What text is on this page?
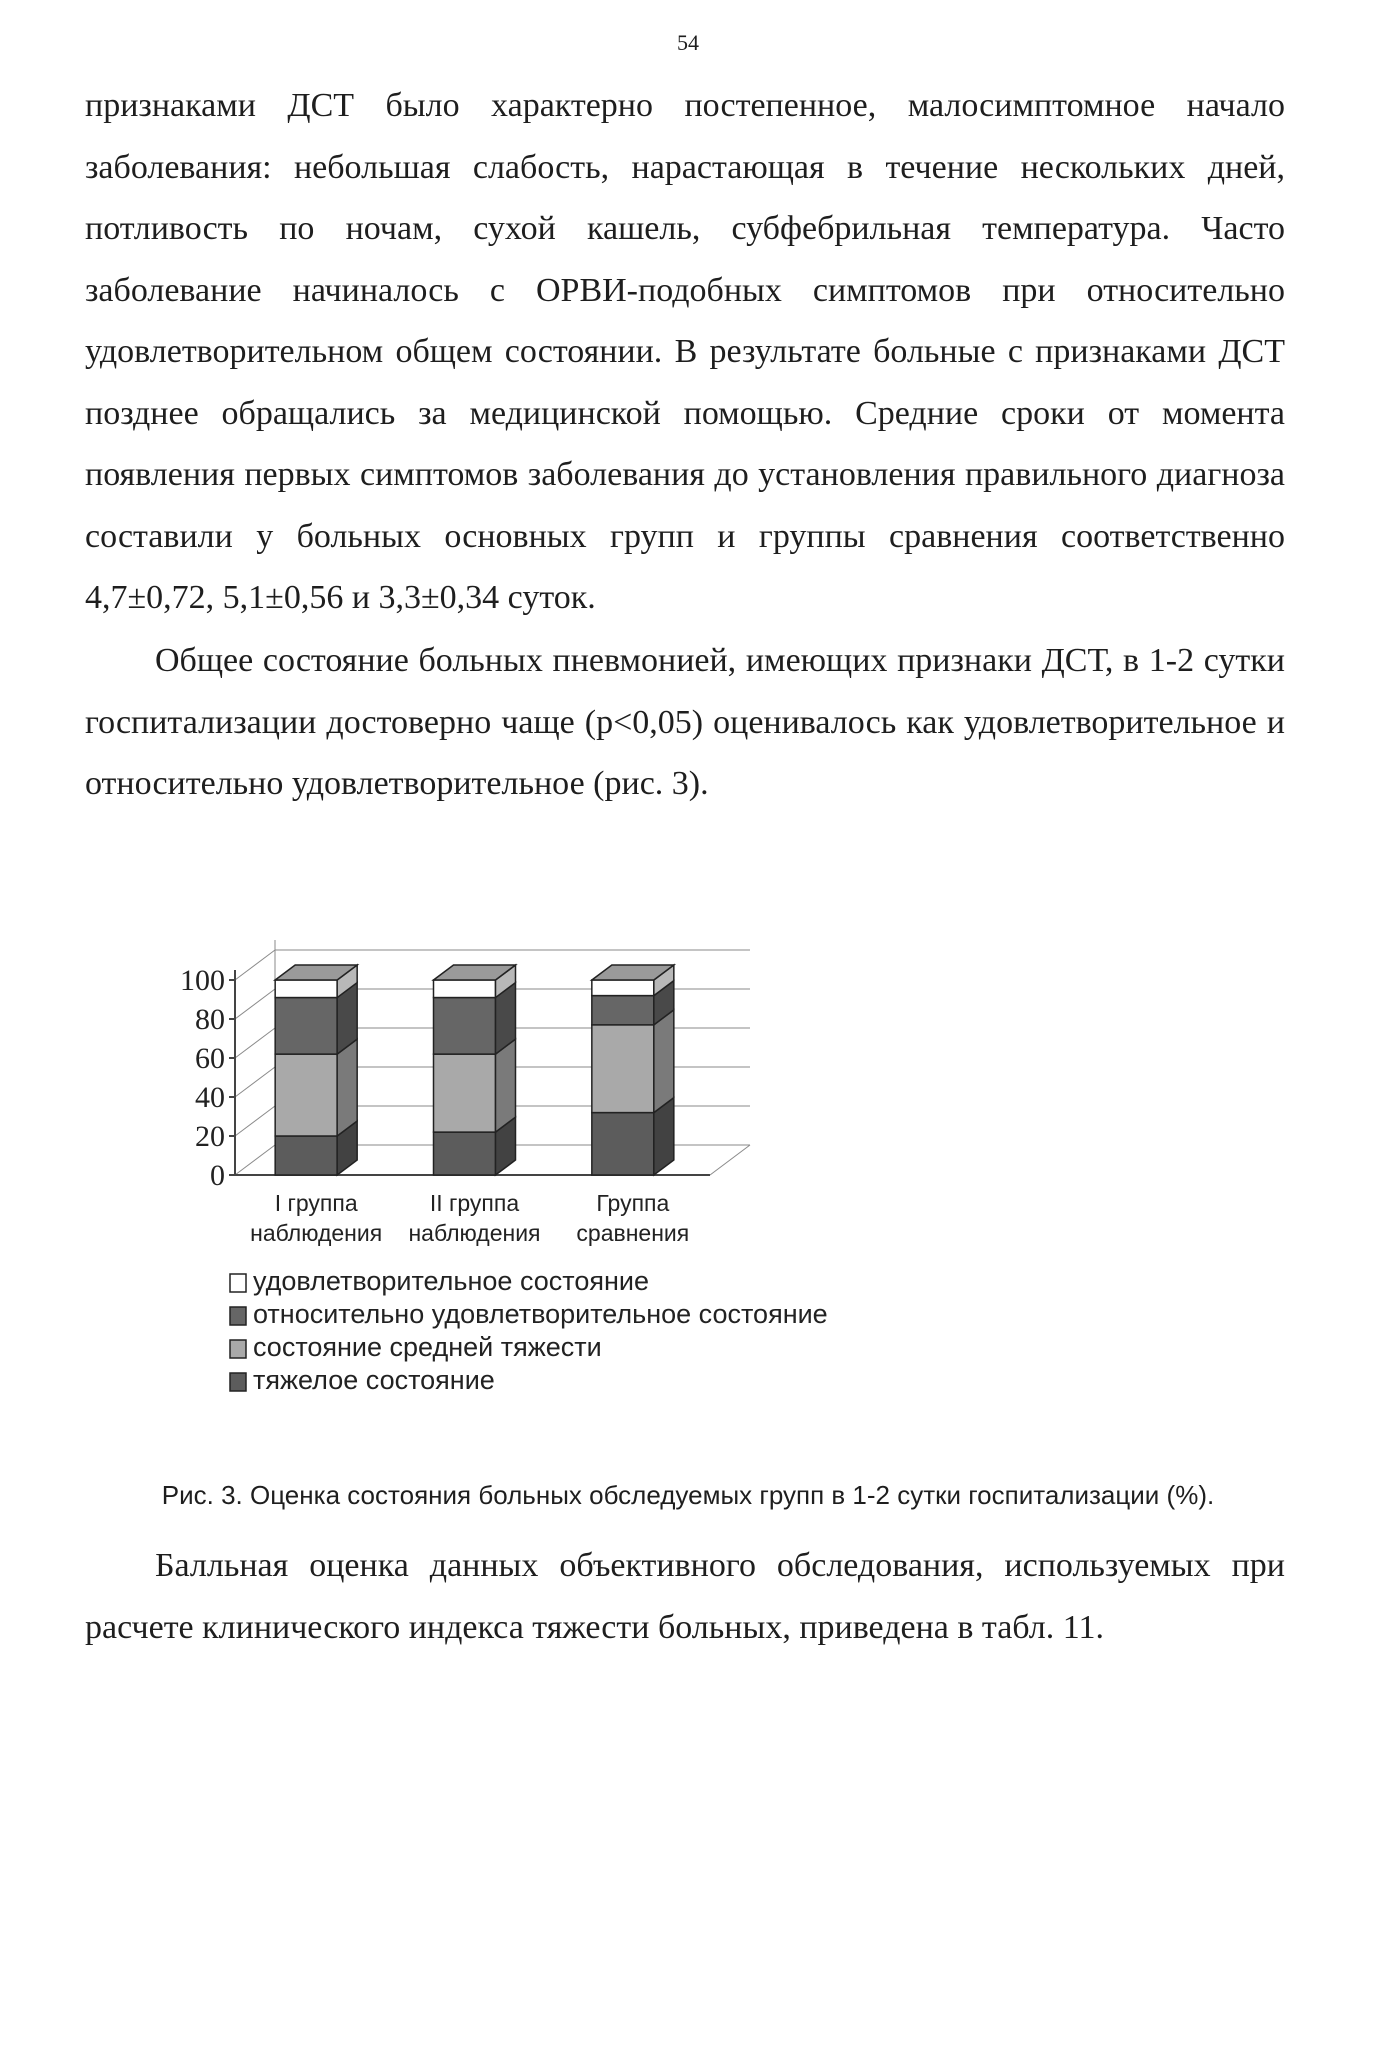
54

признаками ДСТ было характерно постепенное, малосимптомное начало заболевания: небольшая слабость, нарастающая в течение нескольких дней, потливость по ночам, сухой кашель, субфебрильная температура. Часто заболевание начиналось с ОРВИ-подобных симптомов при относительно удовлетворительном общем состоянии. В результате больные с признаками ДСТ позднее обращались за медицинской помощью. Средние сроки от момента появления первых симптомов заболевания до установления правильного диагноза составили у больных основных групп и группы сравнения соответственно 4,7±0,72, 5,1±0,56 и 3,3±0,34 суток.

Общее состояние больных пневмонией, имеющих признаки ДСТ, в 1-2 сутки госпитализации достоверно чаще (p<0,05) оценивалось как удовлетворительное и относительно удовлетворительное (рис. 3).

0
20
40
60
80
100
I группа
наблюдения
II группа
наблюдения
Группа
сравнения
удовлетворительное состояние
относительно удовлетворительное состояние
состояние средней тяжести
тяжелое состояние

Рис. 3. Оценка состояния больных обследуемых групп в 1-2 сутки госпитализации (%).

Балльная оценка данных объективного обследования, используемых при расчете клинического индекса тяжести больных, приведена в табл. 11.
